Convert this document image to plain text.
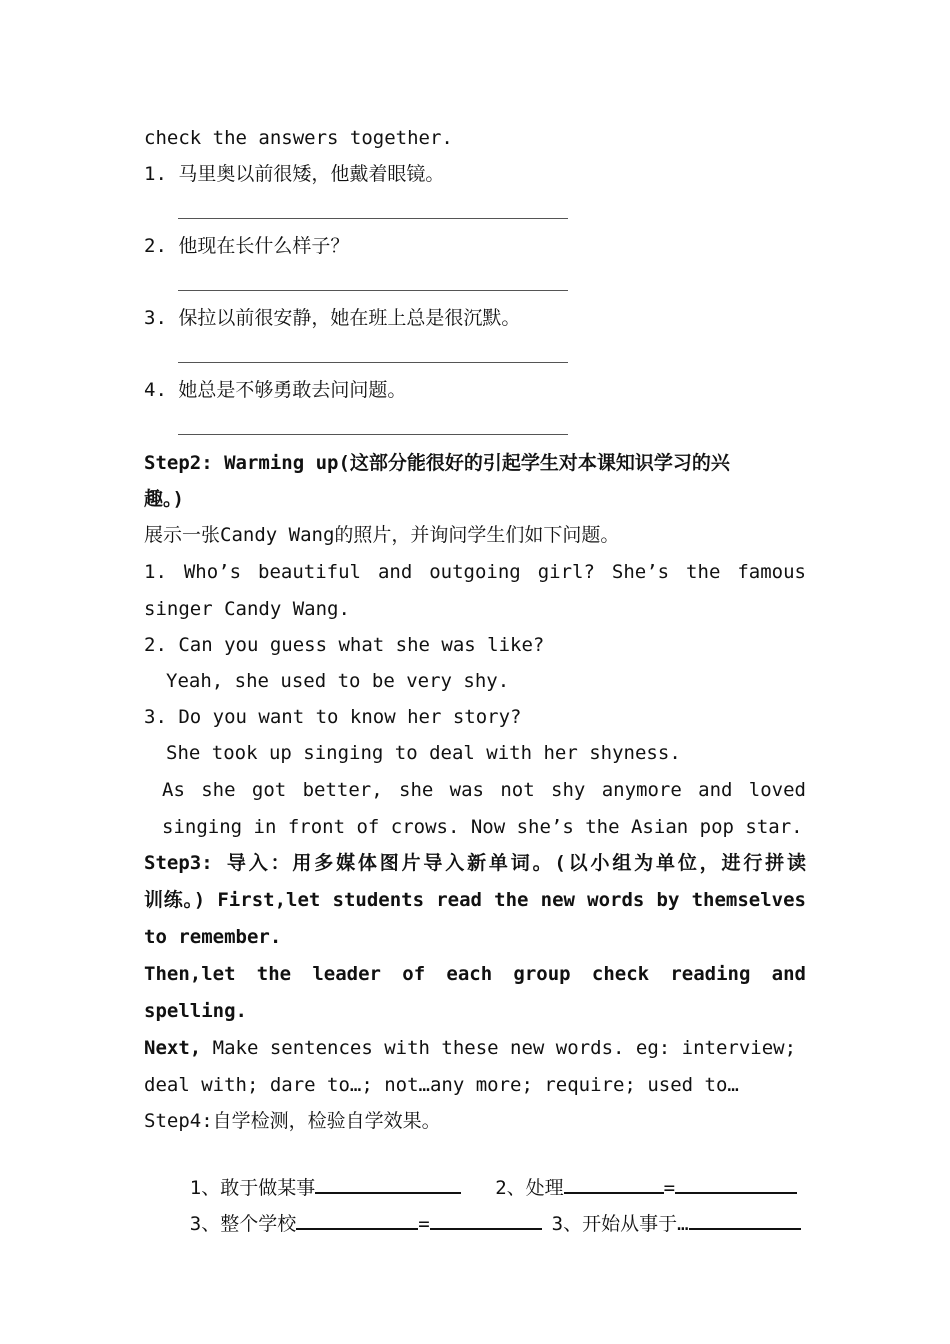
check the answers together.
1. 马里奥以前很矮，他戴着眼镜。
2. 他现在长什么样子？
3. 保拉以前很安静，她在班上总是很沉默。
4. 她总是不够勇敢去问问题。
Step2: Warming up(这部分能很好的引起学生对本课知识学习的兴
趣。)
展示一张Candy Wang的照片，并询问学生们如下问题。
1. Who’s beautiful and outgoing girl? She’s the famous
singer Candy Wang.
2. Can you guess what she was like?
Yeah, she used to be very shy.
3. Do you want to know her story?
She took up singing to deal with her shyness.
As she got better, she was not shy anymore and loved
singing in front of crows. Now she’s the Asian pop star.
Step3: 导入：用多媒体图片导入新单词。(以小组为单位，进行拼读
训练。) First,let students read the new words by themselves
to remember.
Then,let the leader of each group check reading and
spelling.
Next, Make sentences with these new words. eg: interview;
deal with; dare to…; not…any more; require; used to…
Step4:自学检测，检验自学效果。

1、敢于做某事	2、处理	=

3、整个学校	=	3、开始从事于…
